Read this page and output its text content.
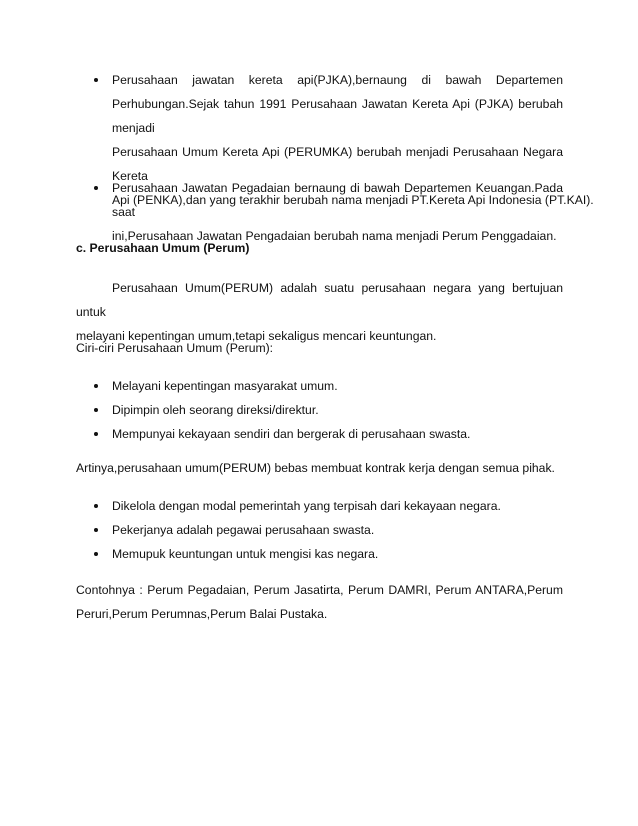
Perusahaan jawatan kereta api(PJKA),bernaung di bawah Departemen
Perhubungan.Sejak tahun 1991 Perusahaan Jawatan Kereta Api (PJKA) berubah menjadi
Perusahaan Umum Kereta Api (PERUMKA) berubah menjadi Perusahaan Negara Kereta
Api (PENKA),dan yang terakhir berubah nama menjadi PT.Kereta Api Indonesia (PT.KAI).
Perusahaan Jawatan Pegadaian bernaung di bawah Departemen Keuangan.Pada saat
ini,Perusahaan Jawatan Pengadaian berubah nama menjadi Perum Penggadaian.
c. Perusahaan Umum (Perum)
Perusahaan Umum(PERUM) adalah suatu perusahaan negara yang bertujuan untuk
melayani kepentingan umum,tetapi sekaligus mencari keuntungan.
Ciri-ciri Perusahaan Umum (Perum):
Melayani kepentingan masyarakat umum.
Dipimpin oleh seorang direksi/direktur.
Mempunyai kekayaan sendiri dan bergerak di perusahaan swasta.
Artinya,perusahaan umum(PERUM) bebas membuat kontrak kerja dengan semua pihak.
Dikelola dengan modal pemerintah yang terpisah dari kekayaan negara.
Pekerjanya adalah pegawai perusahaan swasta.
Memupuk keuntungan untuk mengisi kas negara.
Contohnya : Perum Pegadaian, Perum Jasatirta, Perum DAMRI, Perum ANTARA,Perum
Peruri,Perum Perumnas,Perum Balai Pustaka.
